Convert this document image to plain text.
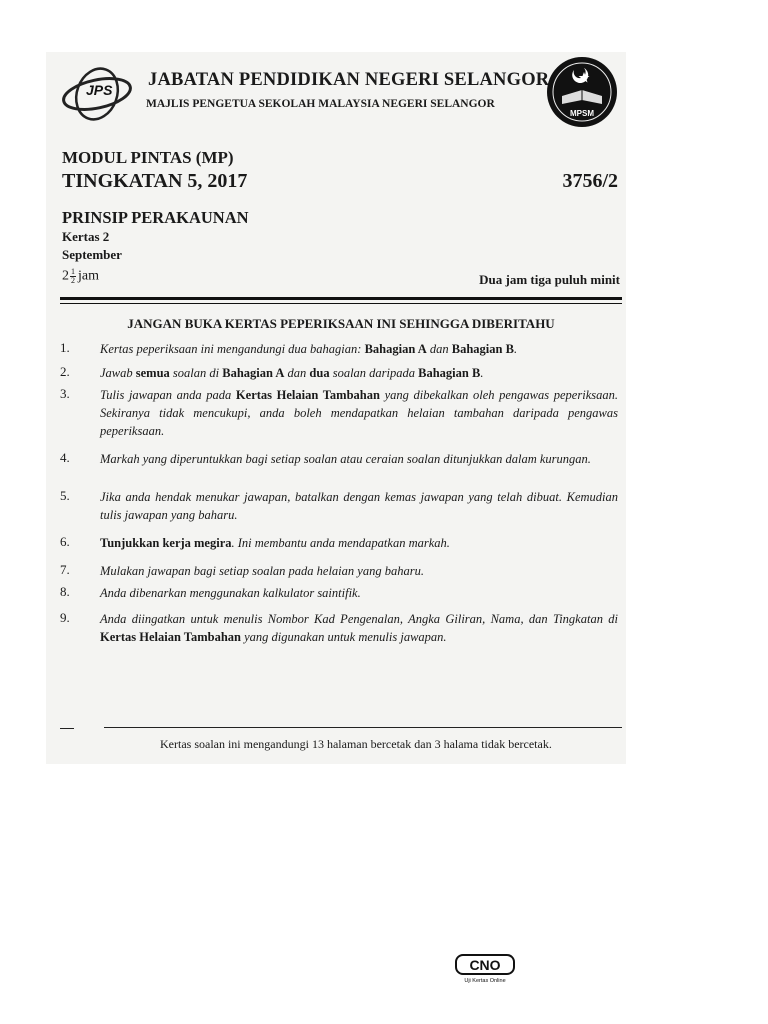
JPS JABATAN PENDIDIKAN NEGERI SELANGOR
MAJLIS PENGETUA SEKOLAH MALAYSIA NEGERI SELANGOR
MPSM
MODUL PINTAS (MP)
TINGKATAN 5, 2017	3756/2
PRINSIP PERAKAUNAN
Kertas 2
September
$2 \frac{1}{2}$ jam	Dua jam tiga puluh minit
JANGAN BUKA KERTAS PEPERIKSAAN INI SEHINGGA DIBERITAHU
1. Kertas peperiksaan ini mengandungi dua bahagian: Bahagian A dan Bahagian B.
2. Jawab semua soalan di Bahagian A dan dua soalan daripada Bahagian B.
3. Tulis jawapan anda pada Kertas Helaian Tambahan yang dibekalkan oleh pengawas peperiksaan. Sekiranya tidak mencukupi, anda boleh mendapatkan helaian tambahan daripada pengawas peperiksaan.
4. Markah yang diperuntukkan bagi setiap soalan atau ceraian soalan ditunjukkan dalam kurungan.
5. Jika anda hendak menukar jawapan, batalkan dengan kemas jawapan yang telah dibuat. Kemudian tulis jawapan yang baharu.
6. Tunjukkan kerja megira. Ini membantu anda mendapatkan markah.
7. Mulakan jawapan bagi setiap soalan pada helaian yang baharu.
8. Anda dibenarkan menggunakan kalkulator saintifik.
9. Anda diingatkan untuk menulis Nombor Kad Pengenalan, Angka Giliran, Nama, dan Tingkatan di Kertas Helaian Tambahan yang digunakan untuk menulis jawapan.
Kertas soalan ini mengandungi 13 halaman bercetak dan 3 halama tidak bercetak.
CNO
Uji Kertas Online
